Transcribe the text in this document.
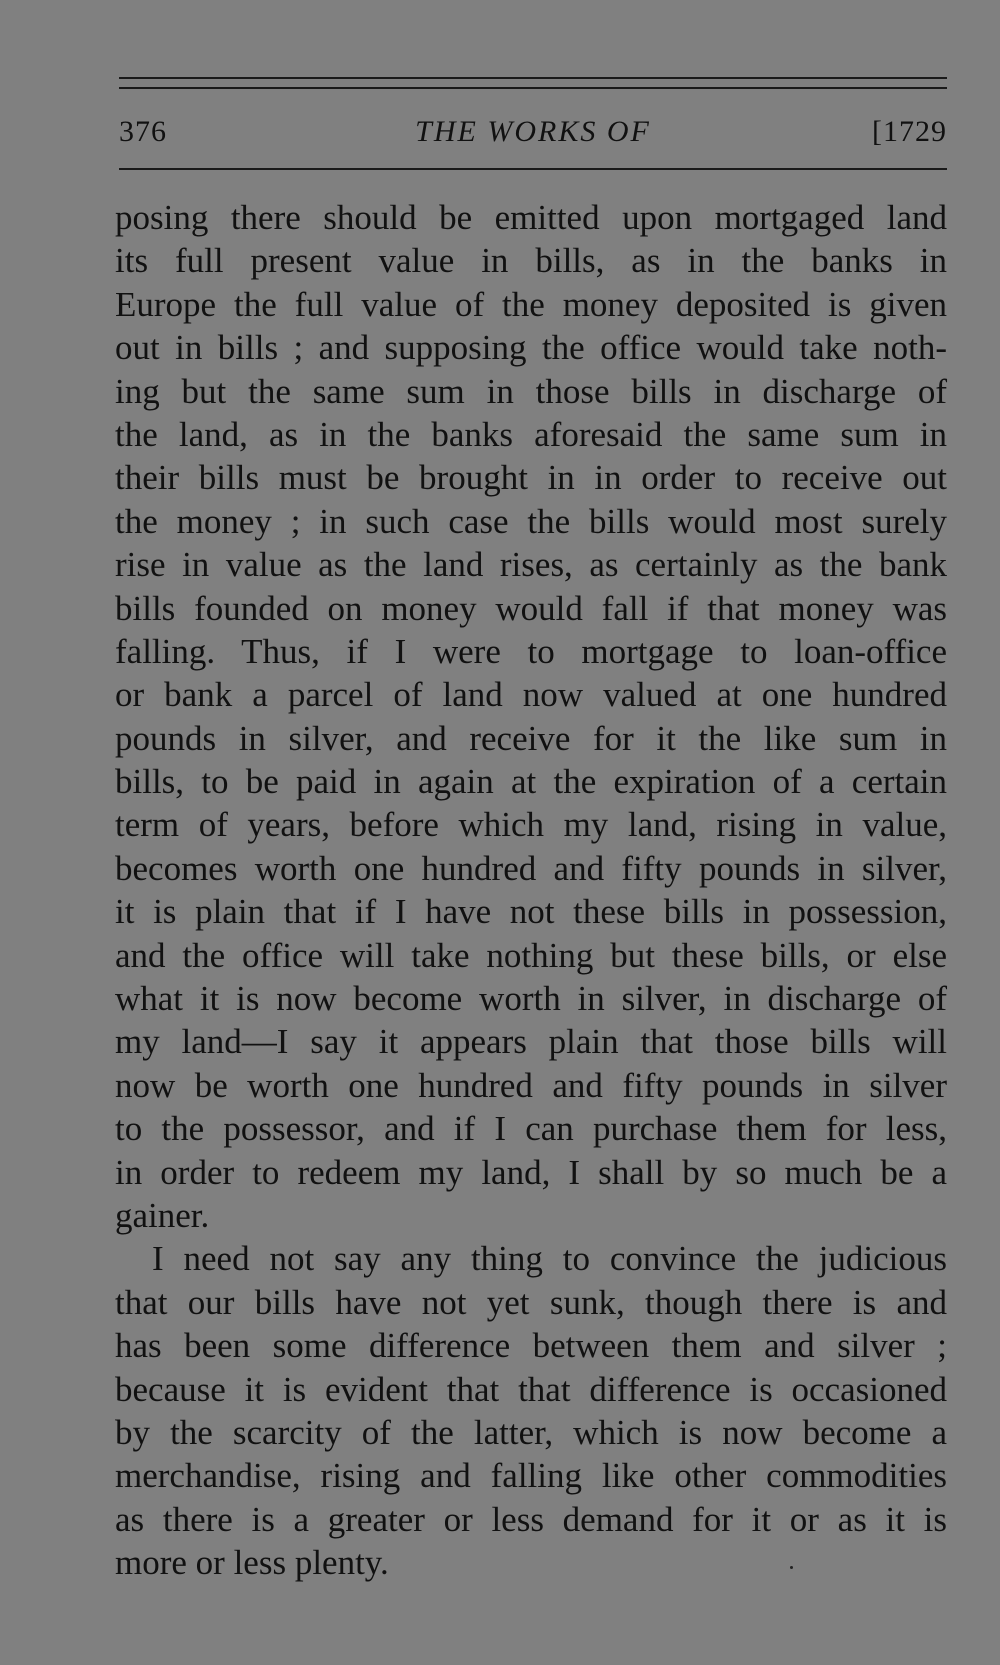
376	THE WORKS OF	[1729
posing there should be emitted upon mortgaged land
its full present value in bills, as in the banks in
Europe the full value of the money deposited is given
out in bills ; and supposing the office would take noth-
ing but the same sum in those bills in discharge of
the land, as in the banks aforesaid the same sum in
their bills must be brought in in order to receive out
the money ; in such case the bills would most surely
rise in value as the land rises, as certainly as the bank
bills founded on money would fall if that money was
falling. Thus, if I were to mortgage to loan-office
or bank a parcel of land now valued at one hundred
pounds in silver, and receive for it the like sum in
bills, to be paid in again at the expiration of a certain
term of years, before which my land, rising in value,
becomes worth one hundred and fifty pounds in silver,
it is plain that if I have not these bills in possession,
and the office will take nothing but these bills, or else
what it is now become worth in silver, in discharge of
my land—I say it appears plain that those bills will
now be worth one hundred and fifty pounds in silver
to the possessor, and if I can purchase them for less,
in order to redeem my land, I shall by so much be a
gainer.
I need not say any thing to convince the judicious
that our bills have not yet sunk, though there is and
has been some difference between them and silver ;
because it is evident that that difference is occasioned
by the scarcity of the latter, which is now become a
merchandise, rising and falling like other commodities
as there is a greater or less demand for it or as it is
more or less plenty.
